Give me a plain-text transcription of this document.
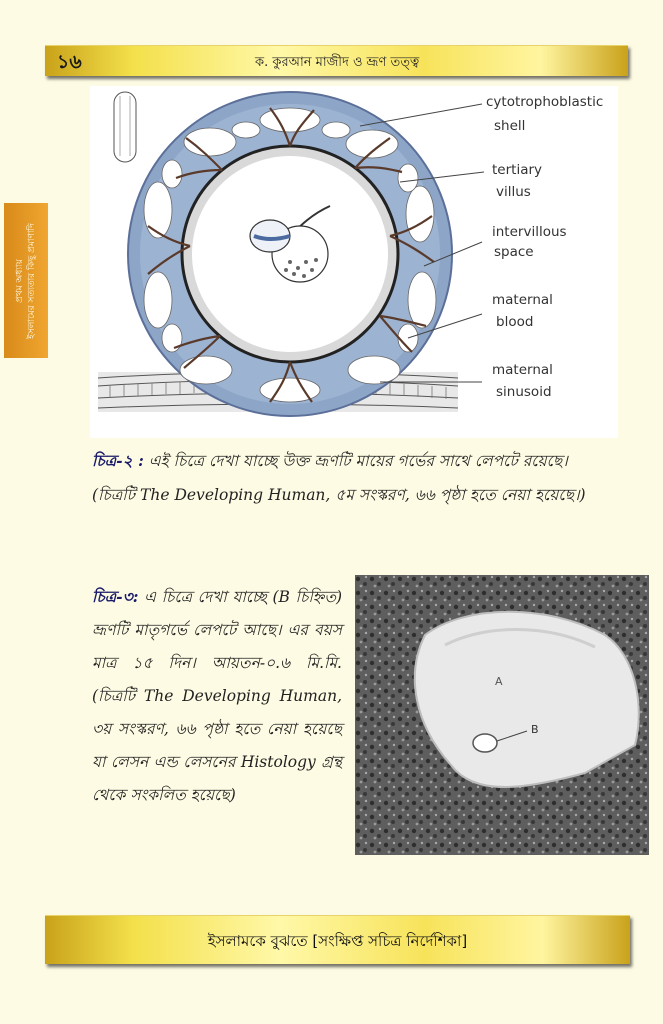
১৬	ক. কুরআন মাজীদ ও ভ্রূণ তত্ত্ব
প্রথম অধ্যায় ইসলামের সত্যতার কিছু প্রমাণাদি
cytotrophoblastic
shell
tertiary
villus
intervillous
space
maternal
blood
maternal
sinusoid
চিত্র-২ : এই চিত্রে দেখা যাচ্ছে উক্ত ভ্রূণটি মায়ের গর্ভের সাথে লেপটে রয়েছে। (চিত্রটি The Developing Human, ৫ম সংস্করণ, ৬৬ পৃষ্ঠা হতে নেয়া হয়েছে।)
চিত্র-৩: এ চিত্রে দেখা যাচ্ছে (B চিহ্নিত) ভ্রূণটি মাতৃগর্ভে লেপটে আছে। এর বয়স মাত্র ১৫ দিন। আয়তন-০.৬ মি.মি. (চিত্রটি The Developing Human, ৩য় সংস্করণ, ৬৬ পৃষ্ঠা হতে নেয়া হয়েছে যা লেসন এন্ড লেসনের Histology গ্রন্থ থেকে সংকলিত হয়েছে)
A
B
ইসলামকে বুঝতে [সংক্ষিপ্ত সচিত্র নির্দেশিকা]
